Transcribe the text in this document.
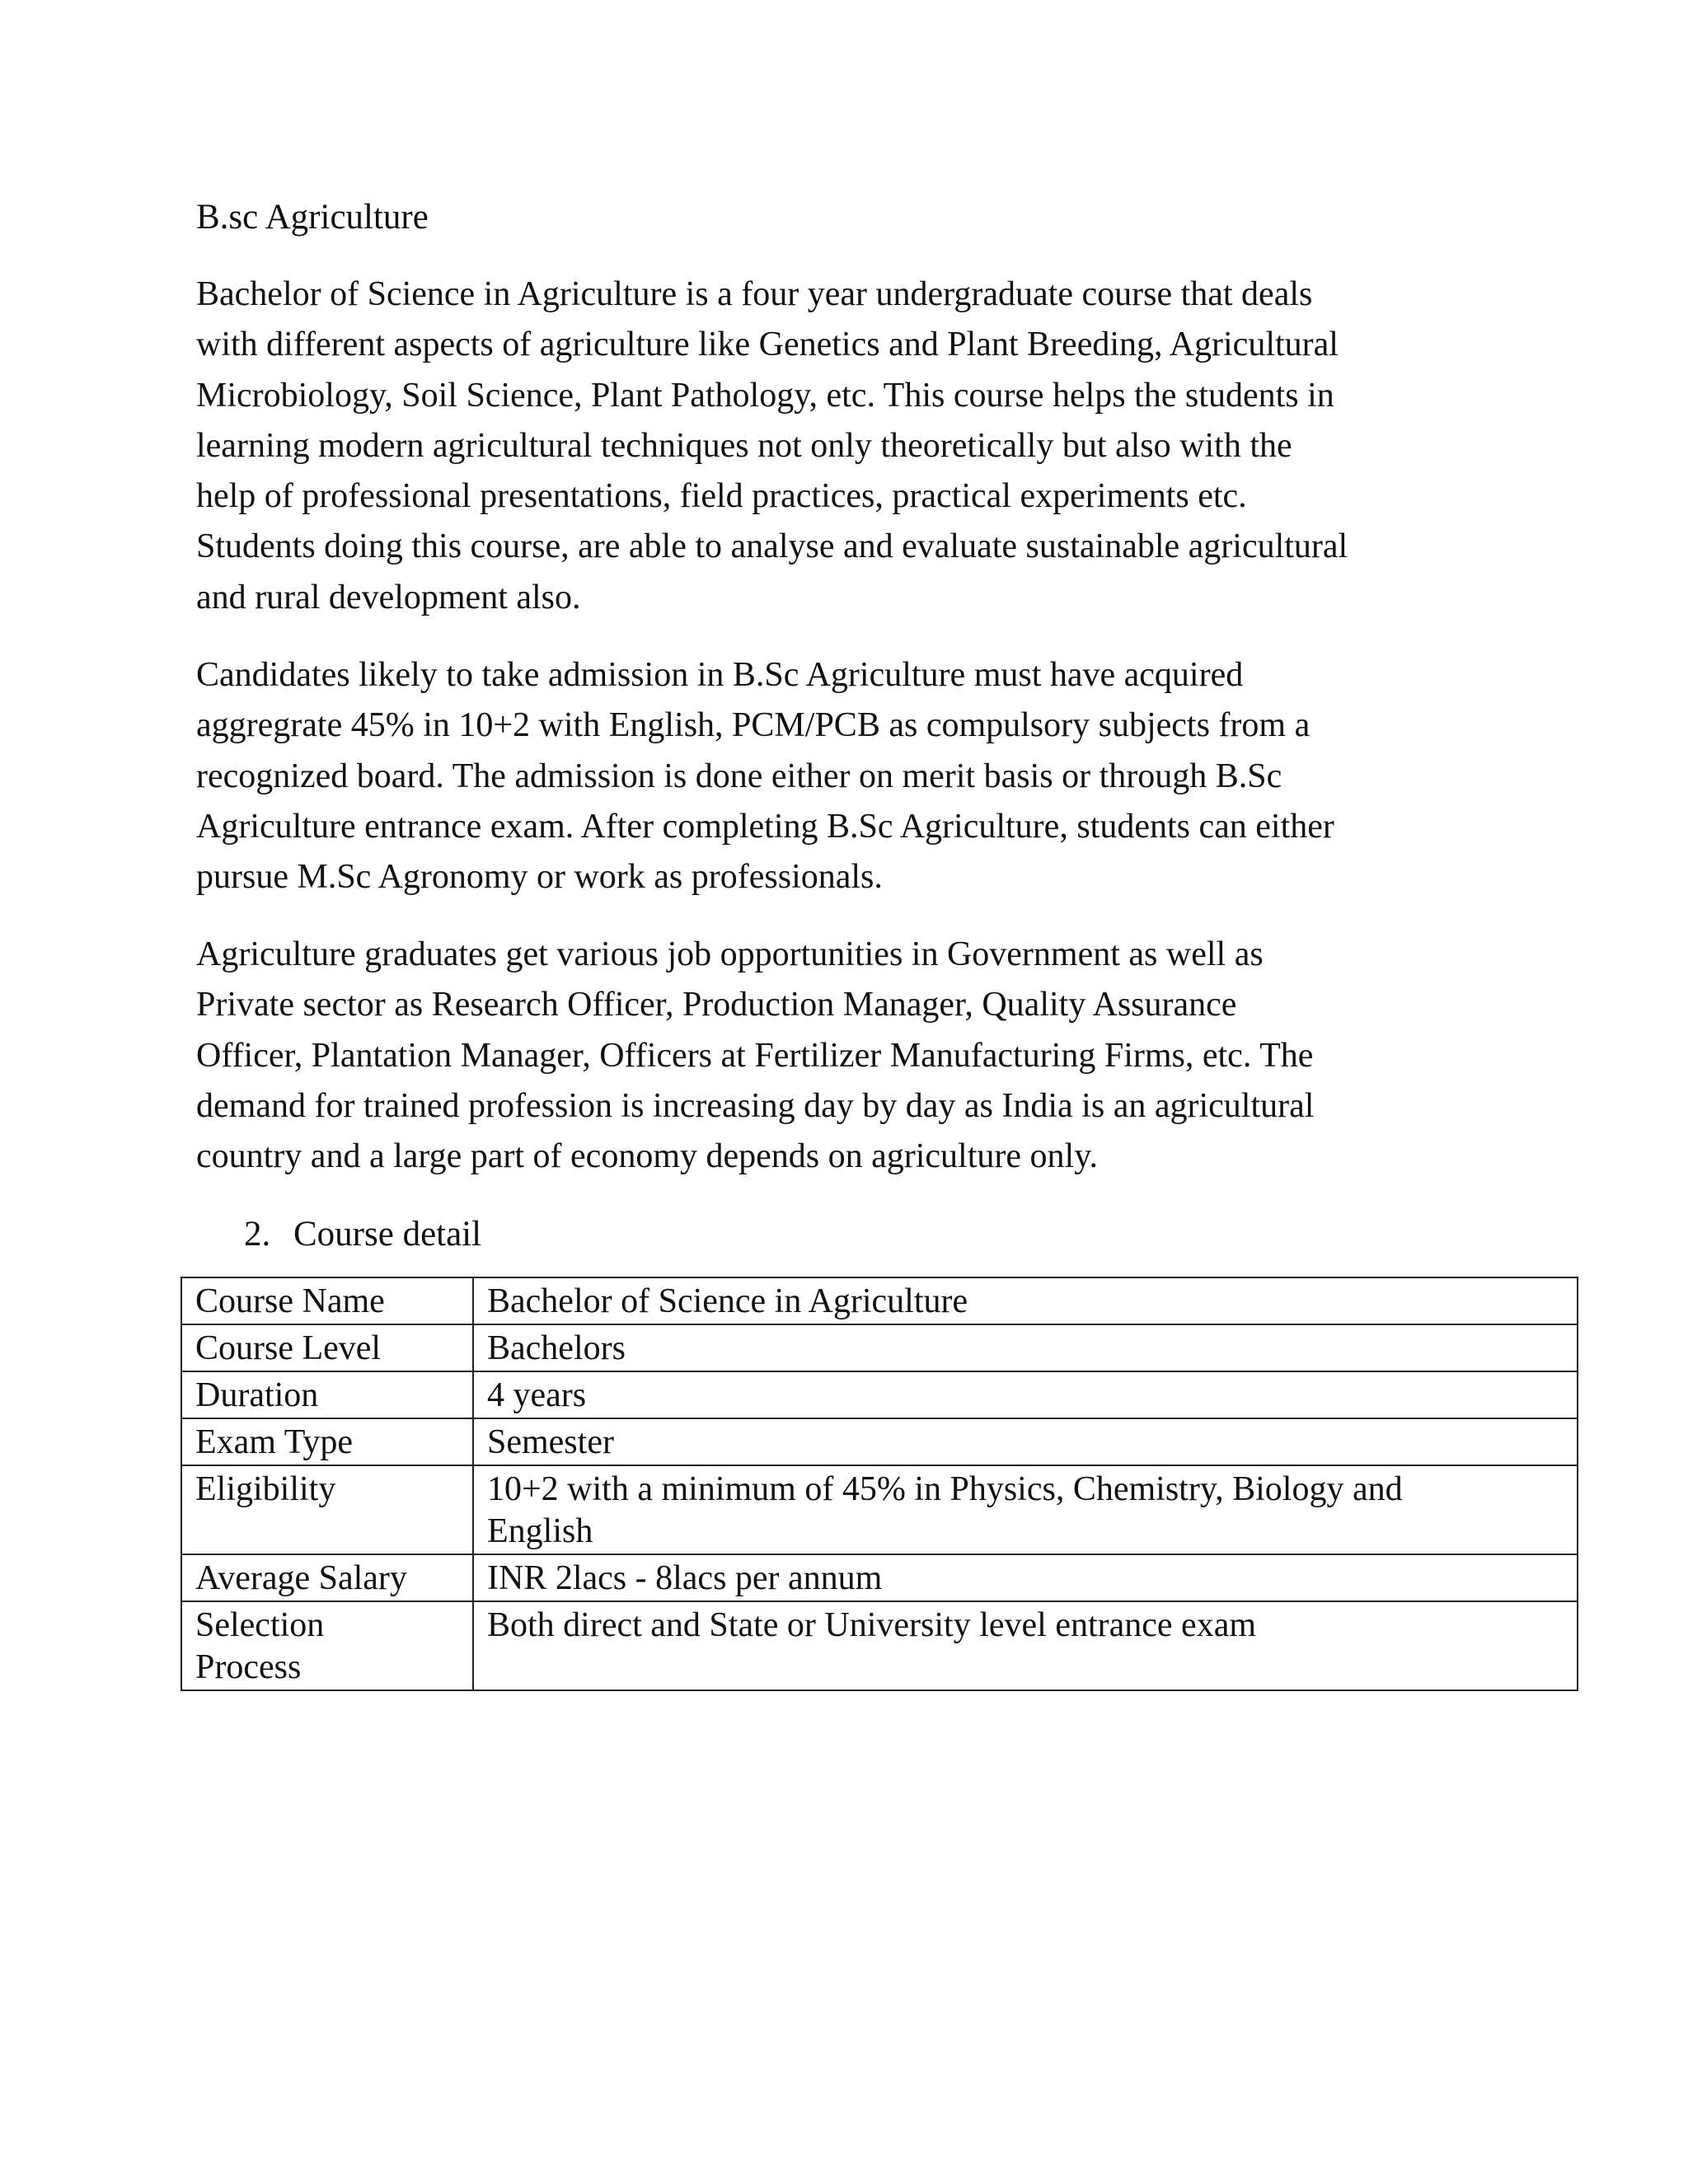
B.sc Agriculture

Bachelor of Science in Agriculture is a four year undergraduate course that deals
with different aspects of agriculture like Genetics and Plant Breeding, Agricultural
Microbiology, Soil Science, Plant Pathology, etc. This course helps the students in
learning modern agricultural techniques not only theoretically but also with the
help of professional presentations, field practices, practical experiments etc.
Students doing this course, are able to analyse and evaluate sustainable agricultural
and rural development also.

Candidates likely to take admission in B.Sc Agriculture must have acquired
aggregrate 45% in 10+2 with English, PCM/PCB as compulsory subjects from a
recognized board. The admission is done either on merit basis or through B.Sc
Agriculture entrance exam. After completing B.Sc Agriculture, students can either
pursue M.Sc Agronomy or work as professionals.

Agriculture graduates get various job opportunities in Government as well as
Private sector as Research Officer, Production Manager, Quality Assurance
Officer, Plantation Manager, Officers at Fertilizer Manufacturing Firms, etc. The
demand for trained profession is increasing day by day as India is an agricultural
country and a large part of economy depends on agriculture only.

2. Course detail
Course Name	Bachelor of Science in Agriculture

Course Level	Bachelors

Duration	4 years

Exam Type	Semester

Eligibility	10+2 with a minimum of 45% in Physics, Chemistry, Biology and
English

Average Salary	INR 2lacs - 8lacs per annum

Selection
Process	Both direct and State or University level entrance exam
